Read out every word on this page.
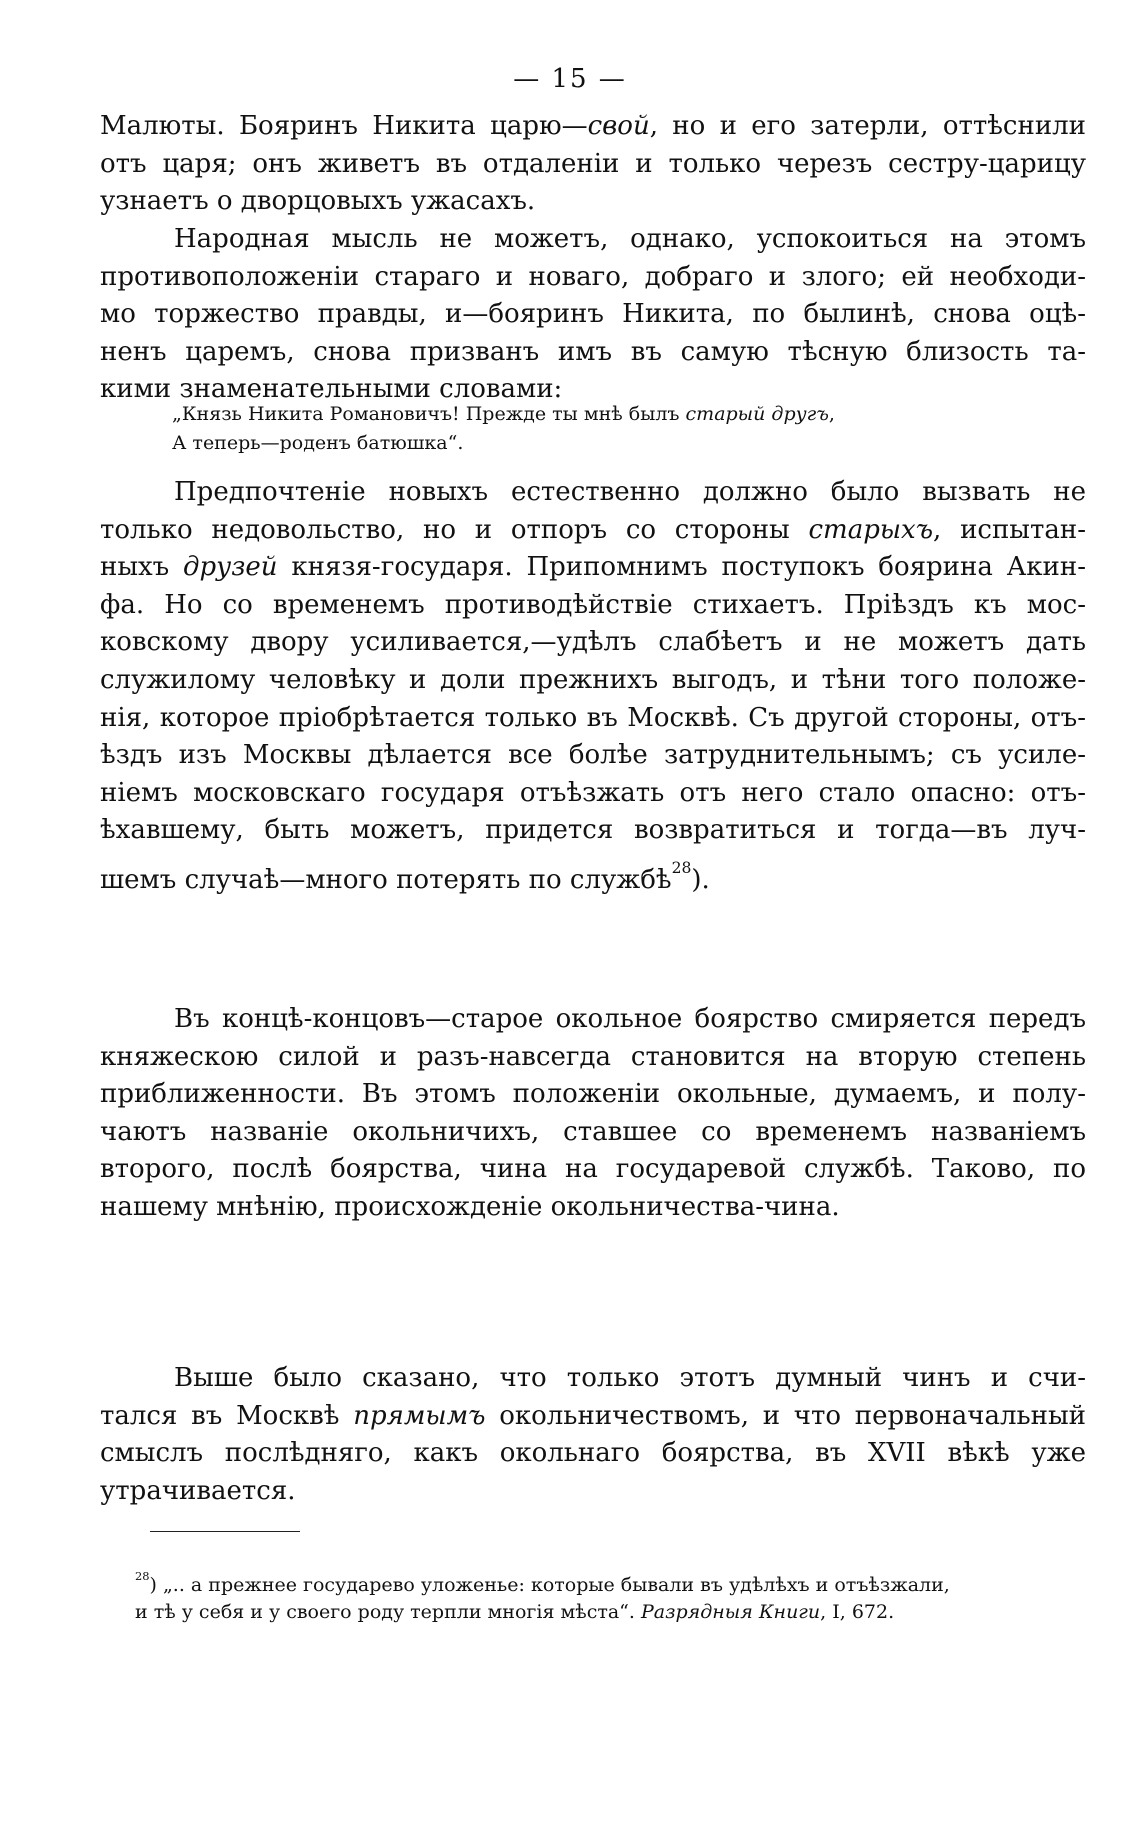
— 15 —
Малюты. Бояринъ Никита царю—свой, но и его затерли, оттѣснили
отъ царя; онъ живетъ въ отдаленіи и только черезъ сестру-царицу
узнаетъ о дворцовыхъ ужасахъ.
Народная мысль не можетъ, однако, успокоиться на этомъ
противоположеніи стараго и новаго, добраго и злого; ей необходи-
мо торжество правды, и—бояринъ Никита, по былинѣ, снова оцѣ-
ненъ царемъ, снова призванъ имъ въ самую тѣсную близость та-
кими знаменательными словами:
„Князь Никита Романовичъ! Прежде ты мнѣ былъ старый другъ,
А теперь—роденъ батюшка“.
Предпочтеніе новыхъ естественно должно было вызвать не
только недовольство, но и отпоръ со стороны старыхъ, испытан-
ныхъ друзей князя-государя. Припомнимъ поступокъ боярина Акин-
фа. Но со временемъ противодѣйствіе стихаетъ. Пріѣздъ къ мос-
ковскому двору усиливается,—удѣлъ слабѣетъ и не можетъ дать
служилому человѣку и доли прежнихъ выгодъ, и тѣни того положе-
нія, которое пріобрѣтается только въ Москвѣ. Съ другой стороны, отъ-
ѣздъ изъ Москвы дѣлается все болѣе затруднительнымъ; съ усиле-
ніемъ московскаго государя отъѣзжать отъ него стало опасно: отъ-
ѣхавшему, быть можетъ, придется возвратиться и тогда—въ луч-
шемъ случаѣ—много потерять по службѣ$^{28}$).
Въ концѣ-концовъ—старое окольное боярство смиряется передъ
княжескою силой и разъ-навсегда становится на вторую степень
приближенности. Въ этомъ положеніи окольные, думаемъ, и полу-
чаютъ названіе окольничихъ, ставшее со временемъ названіемъ
второго, послѣ боярства, чина на государевой службѣ. Таково, по
нашему мнѣнію, происхожденіе окольничества-чина.
Выше было сказано, что только этотъ думный чинъ и счи-
тался въ Москвѣ прямымъ окольничествомъ, и что первоначальный
смыслъ послѣдняго, какъ окольнаго боярства, въ XVII вѣкѣ уже
утрачивается.
$^{28}$) „.. а прежнее государево уложенье: которые бывали въ удѣлѣхъ и отъѣзжали,
и тѣ у себя и у своего роду терпли многія мѣста“. Разрядныя Книги, I, 672.
